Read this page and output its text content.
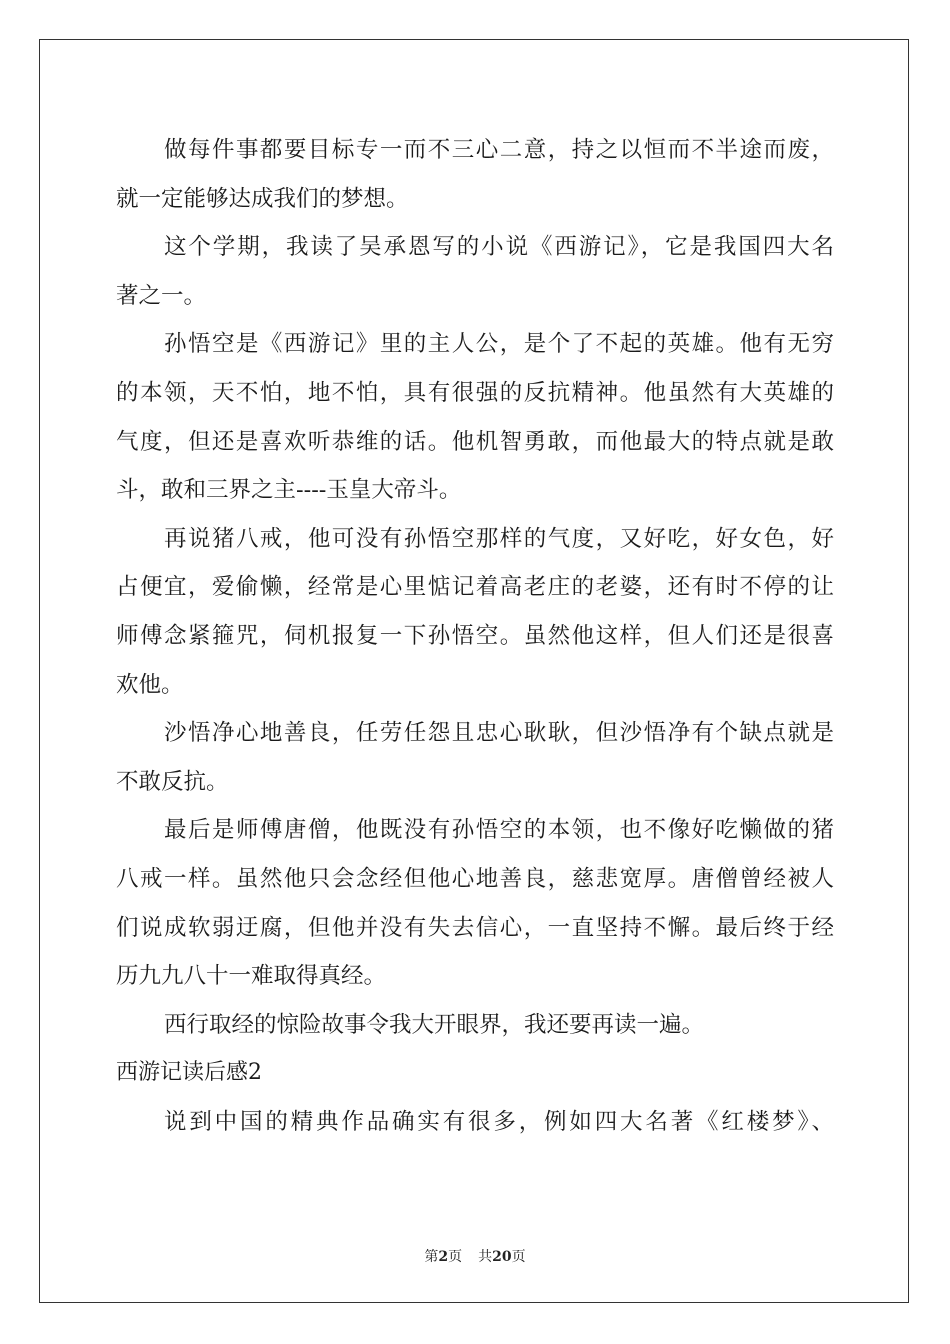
做每件事都要目标专一而不三心二意，持之以恒而不半途而废，
就一定能够达成我们的梦想。
这个学期，我读了吴承恩写的小说《西游记》，它是我国四大名
著之一。
孙悟空是《西游记》里的主人公，是个了不起的英雄。他有无穷
的本领，天不怕，地不怕，具有很强的反抗精神。他虽然有大英雄的
气度，但还是喜欢听恭维的话。他机智勇敢，而他最大的特点就是敢
斗，敢和三界之主----玉皇大帝斗。
再说猪八戒，他可没有孙悟空那样的气度，又好吃，好女色，好
占便宜，爱偷懒，经常是心里惦记着高老庄的老婆，还有时不停的让
师傅念紧箍咒，伺机报复一下孙悟空。虽然他这样，但人们还是很喜
欢他。
沙悟净心地善良，任劳任怨且忠心耿耿，但沙悟净有个缺点就是
不敢反抗。
最后是师傅唐僧，他既没有孙悟空的本领，也不像好吃懒做的猪
八戒一样。虽然他只会念经但他心地善良，慈悲宽厚。唐僧曾经被人
们说成软弱迂腐，但他并没有失去信心，一直坚持不懈。最后终于经
历九九八十一难取得真经。
西行取经的惊险故事令我大开眼界，我还要再读一遍。
西游记读后感2
说到中国的精典作品确实有很多，例如四大名著《红楼梦》、
第2页 共20页
